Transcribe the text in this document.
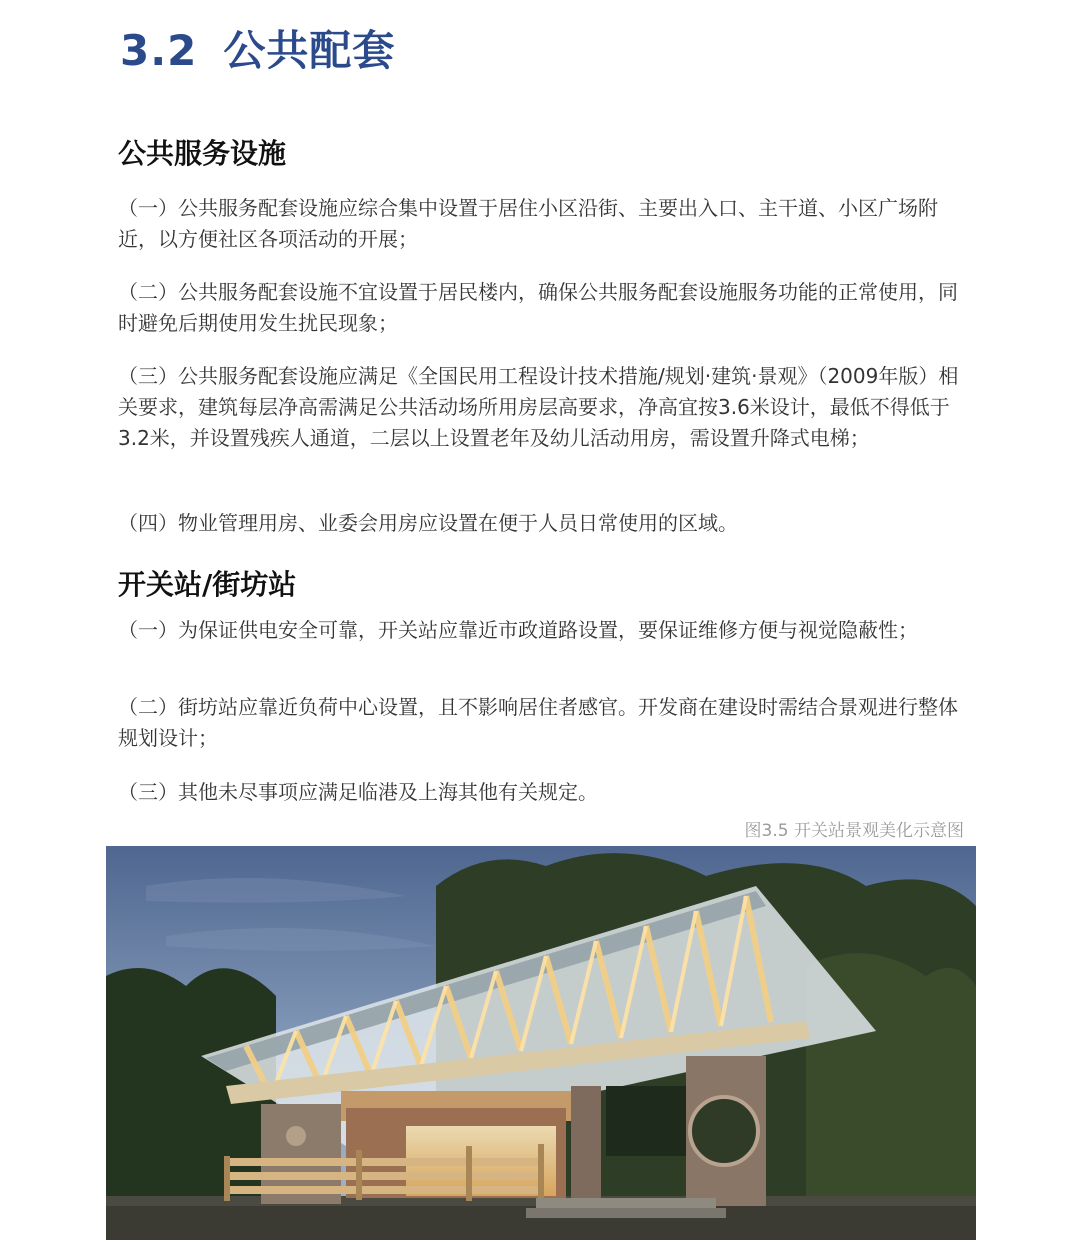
3.2 公共配套
公共服务设施

（一）公共服务配套设施应综合集中设置于居住小区沿街、主要出入口、主干道、小区广场附近，以方便社区各项活动的开展；

（二）公共服务配套设施不宜设置于居民楼内，确保公共服务配套设施服务功能的正常使用，同时避免后期使用发生扰民现象；

（三）公共服务配套设施应满足《全国民用工程设计技术措施/规划·建筑·景观》（2009年版）相关要求，建筑每层净高需满足公共活动场所用房层高要求，净高宜按3.6米设计，最低不得低于3.2米，并设置残疾人通道，二层以上设置老年及幼儿活动用房，需设置升降式电梯；

（四）物业管理用房、业委会用房应设置在便于人员日常使用的区域。

开关站/街坊站

（一）为保证供电安全可靠，开关站应靠近市政道路设置，要保证维修方便与视觉隐蔽性；

（二）街坊站应靠近负荷中心设置，且不影响居住者感官。开发商在建设时需结合景观进行整体规划设计；

（三）其他未尽事项应满足临港及上海其他有关规定。

图3.5 开关站景观美化示意图
